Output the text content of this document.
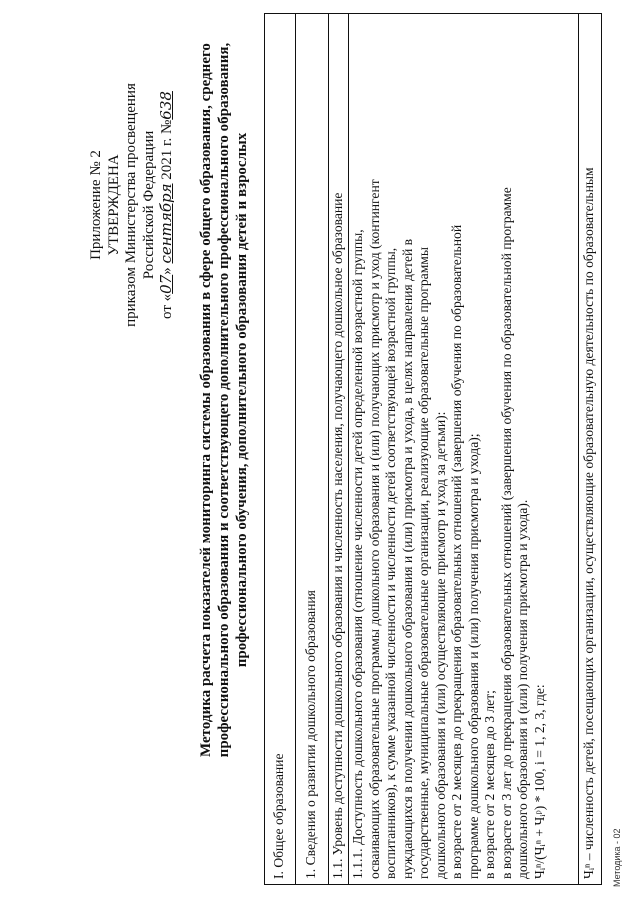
Приложение № 2 УТВЕРЖДЕНА приказом Министерства просвещения Российской Федерации
от «07» сентября 2021 г. №638 Методика расчета показателей мониторинга системы образования в сфере общего образования, среднего профессионального образования и соответствующего дополнительного профессионального образования, профессионального обучения, дополнительного образования детей и взрослых
I. Общее образование 1. Сведения о развитии дошкольного образования 1.1. Уровень доступности дошкольного образования и численность населения, получающего дошкольное образование 1.1.1. Доступность дошкольного образования (отношение численности детей определенной возрастной группы, осваивающих образовательные программы дошкольного образования и (или) получающих присмотр и уход (контингент воспитанников), к сумме указанной численности и численности детей соответствующей возрастной группы, нуждающихся в получении дошкольного образования и (или) присмотра и ухода, в целях направления детей в государственные, муниципальные образовательные организации, реализующие образовательные программы дошкольного образования и (или) осуществляющие присмотр и уход за детьми): в возрасте от 2 месяцев до прекращения образовательных отношений (завершения обучения по образовательной программе дошкольного образования и (или) получения присмотра и ухода); в возрасте от 2 месяцев до 3 лет; в возрасте от 3 лет до прекращения образовательных отношений (завершения обучения по образовательной программе дошкольного образования и (или) получения присмотра и ухода). Чᵢⁿ/(Чᵢⁿ + Чᵢᵖ) * 100, i = 1, 2, 3, где:	Чᵢⁿ – численность детей, посещающих организации, осуществляющие образовательную деятельность по образовательным Методика - 02
